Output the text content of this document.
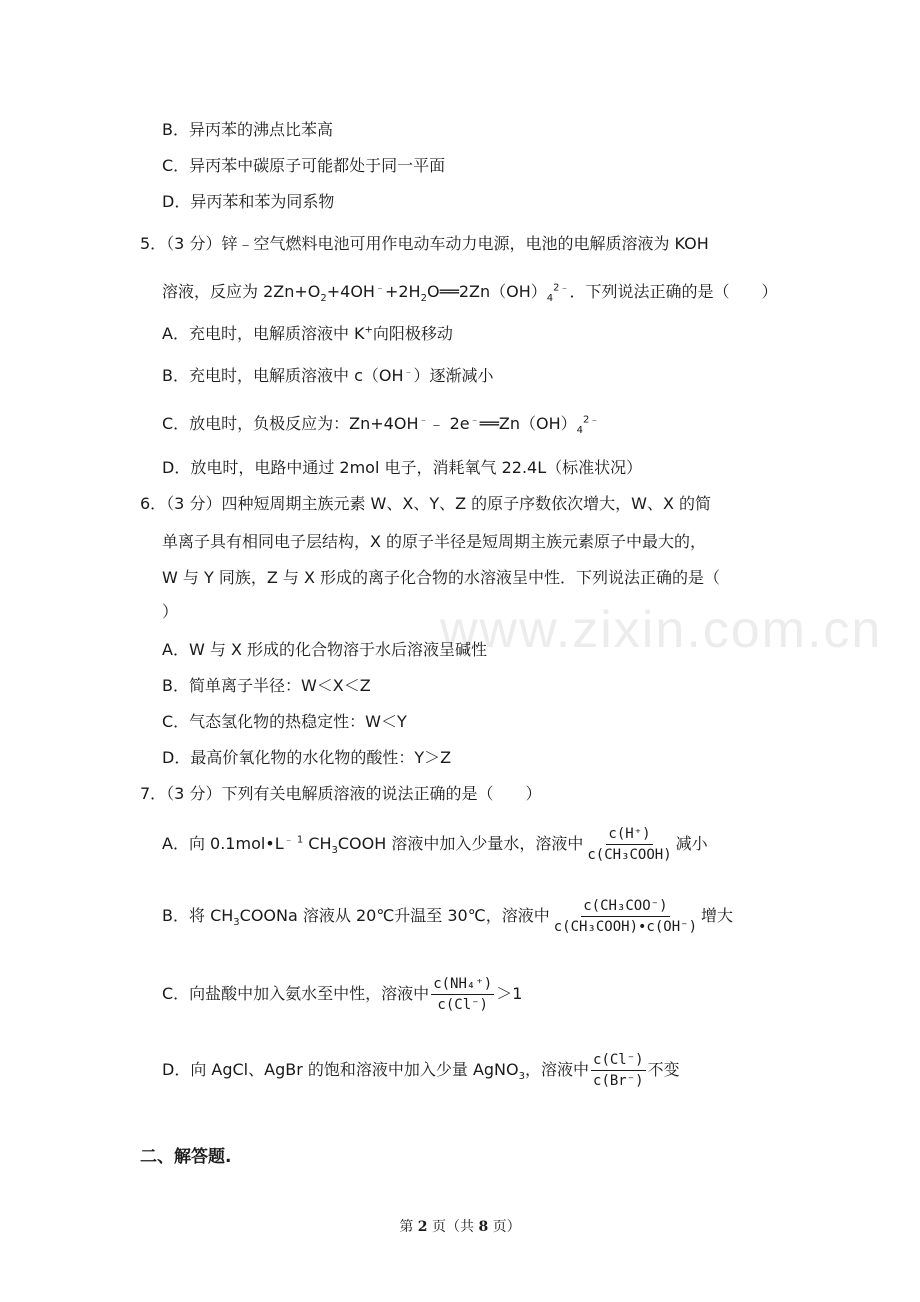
www.zixin.com.cn
B．异丙苯的沸点比苯高
C．异丙苯中碳原子可能都处于同一平面
D．异丙苯和苯为同系物
5．（3 分）锌﹣空气燃料电池可用作电动车动力电源，电池的电解质溶液为 KOH
溶液，反应为 $2Zn+O_2+4OH^﹣+2H_2O══2Zn(OH)_4^{2﹣}$．下列说法正确的是（　　）
A．充电时，电解质溶液中 K+向阳极移动
B．充电时，电解质溶液中 c（OH﹣）逐渐减小
C．放电时，负极反应为：Zn+4OH﹣﹣ $2e^﹣══Zn(OH)_4^{2﹣}$
D．放电时，电路中通过 2mol 电子，消耗氧气 22.4L（标准状况）
6．（3 分）四种短周期主族元素 W、X、Y、Z 的原子序数依次增大，W、X 的简
单离子具有相同电子层结构，X 的原子半径是短周期主族元素原子中最大的，
W 与 Y 同族，Z 与 X 形成的离子化合物的水溶液呈中性．下列说法正确的是（
）
A．W 与 X 形成的化合物溶于水后溶液呈碱性
B．简单离子半径：W＜X＜Z
C．气态氢化物的热稳定性：W＜Y
D．最高价氧化物的水化物的酸性：Y＞Z
7．（3 分）下列有关电解质溶液的说法正确的是（　　）
A．向 $0.1mol•L^{﹣ 1}$ $CH_3COOH$ 溶液中加入少量水，溶液中 $\frac{c(H^+)}{\text{c(CH₃COOH)}}$ 减小
B．将 $CH_3COONa$ 溶液从 20℃升温至 30℃，溶液中 $\frac{\text{c(CH₃COO⁻)}}{\text{c(CH₃COOH)•c(OH⁻)}}$ 增大
C．向盐酸中加入氨水至中性，溶液中 $\frac{\text{c(NH₄⁺)}}{c(Cl^-)} >1$
D．向 AgCl、AgBr 的饱和溶液中加入少量 AgNO$_3$，溶液中 $\frac{c(Cl^-)}{c(Br^-)}$ 不变
二、解答题.
第 2 页（共 8 页）
